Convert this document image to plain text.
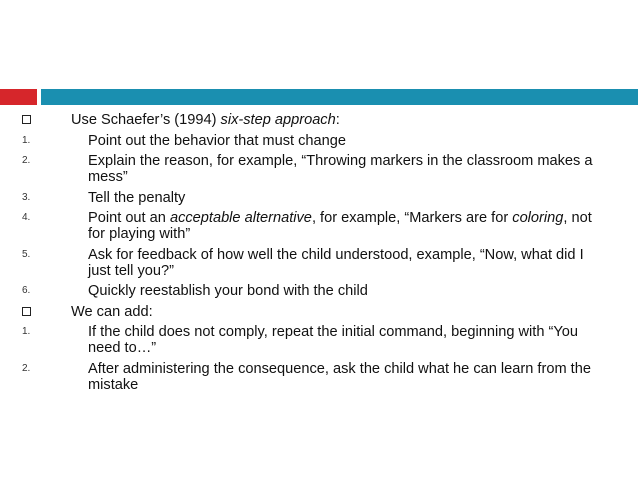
Use Schaefer’s (1994) six-step approach:
1.	Point out the behavior that must change
2.	Explain the reason, for example, “Throwing markers in the classroom makes a mess”
3.	Tell the penalty
4.	Point out an acceptable alternative, for example, “Markers are for coloring, not for playing with”
5.	Ask for feedback of how well the child understood, example, “Now, what did I just tell you?”
6.	Quickly reestablish your bond with the child
We can add:
1.	If the child does not comply, repeat the initial command, beginning with “You need to…”
2.	After administering the consequence, ask the child what he can learn from the mistake
